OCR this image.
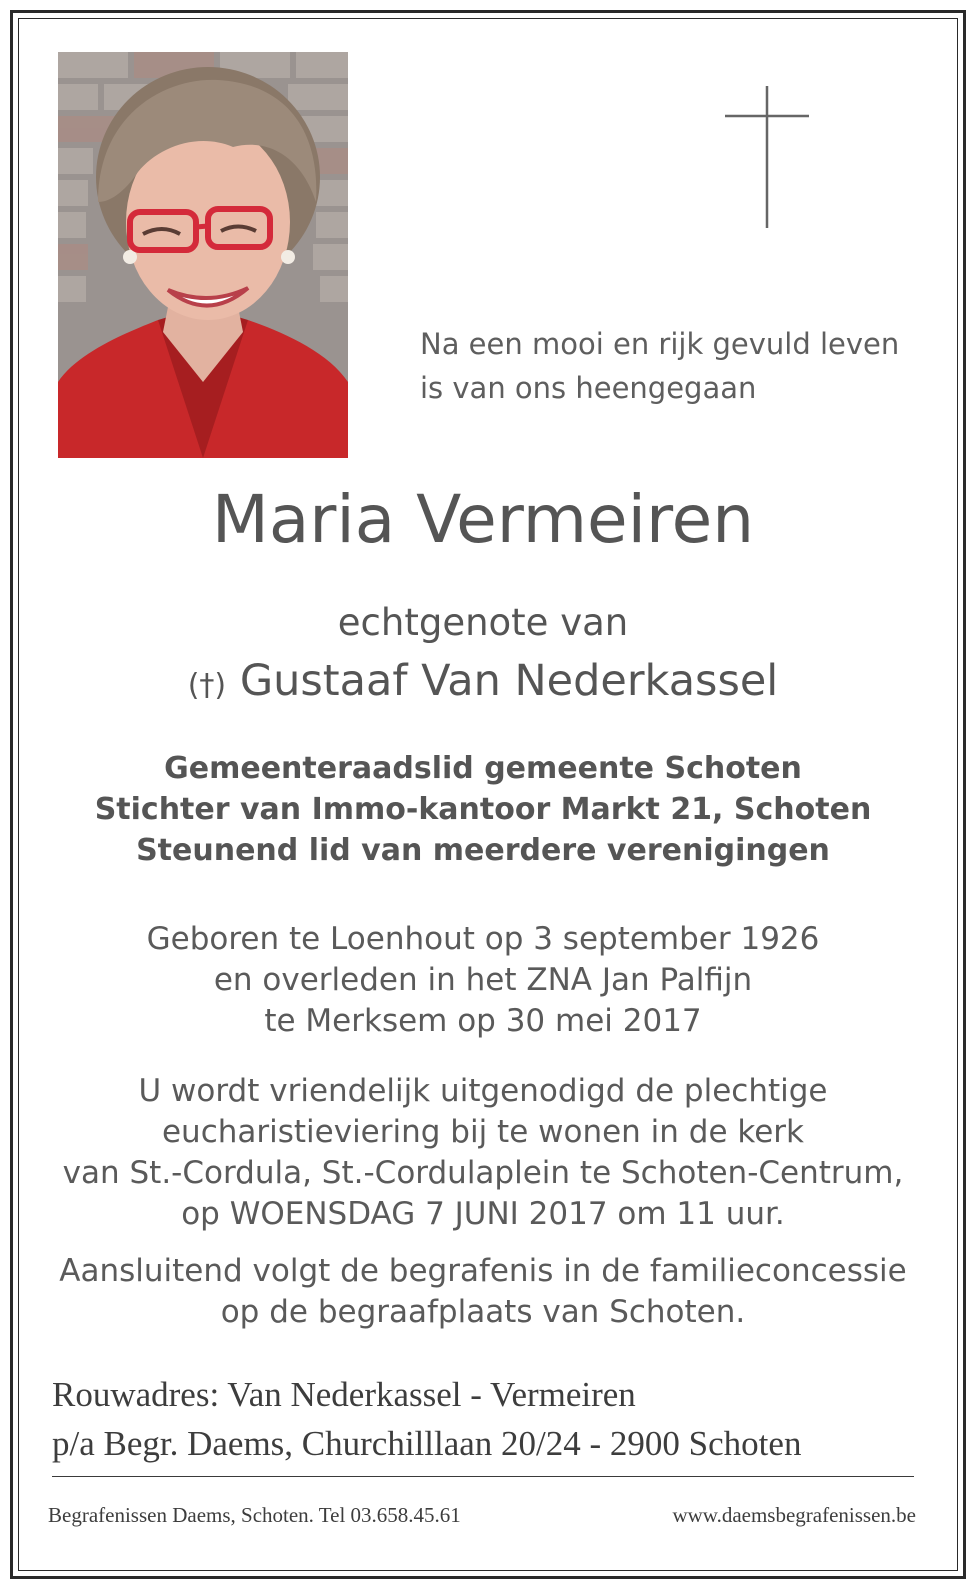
Na een mooi en rijk gevuld leven
is van ons heengegaan
Maria Vermeiren
echtgenote van
(†) Gustaaf Van Nederkassel
Gemeenteraadslid gemeente Schoten
Stichter van Immo-kantoor Markt 21, Schoten
Steunend lid van meerdere verenigingen
Geboren te Loenhout op 3 september 1926
en overleden in het ZNA Jan Palfijn
te Merksem op 30 mei 2017
U wordt vriendelijk uitgenodigd de plechtige
eucharistieviering bij te wonen in de kerk
van St.-Cordula, St.-Cordulaplein te Schoten-Centrum,
op WOENSDAG 7 JUNI 2017 om 11 uur.
Aansluitend volgt de begrafenis in de familieconcessie
op de begraafplaats van Schoten.
Rouwadres: Van Nederkassel - Vermeiren
p/a Begr. Daems, Churchilllaan 20/24 - 2900 Schoten
Begrafenissen Daems, Schoten. Tel 03.658.45.61	www.daemsbegrafenissen.be
